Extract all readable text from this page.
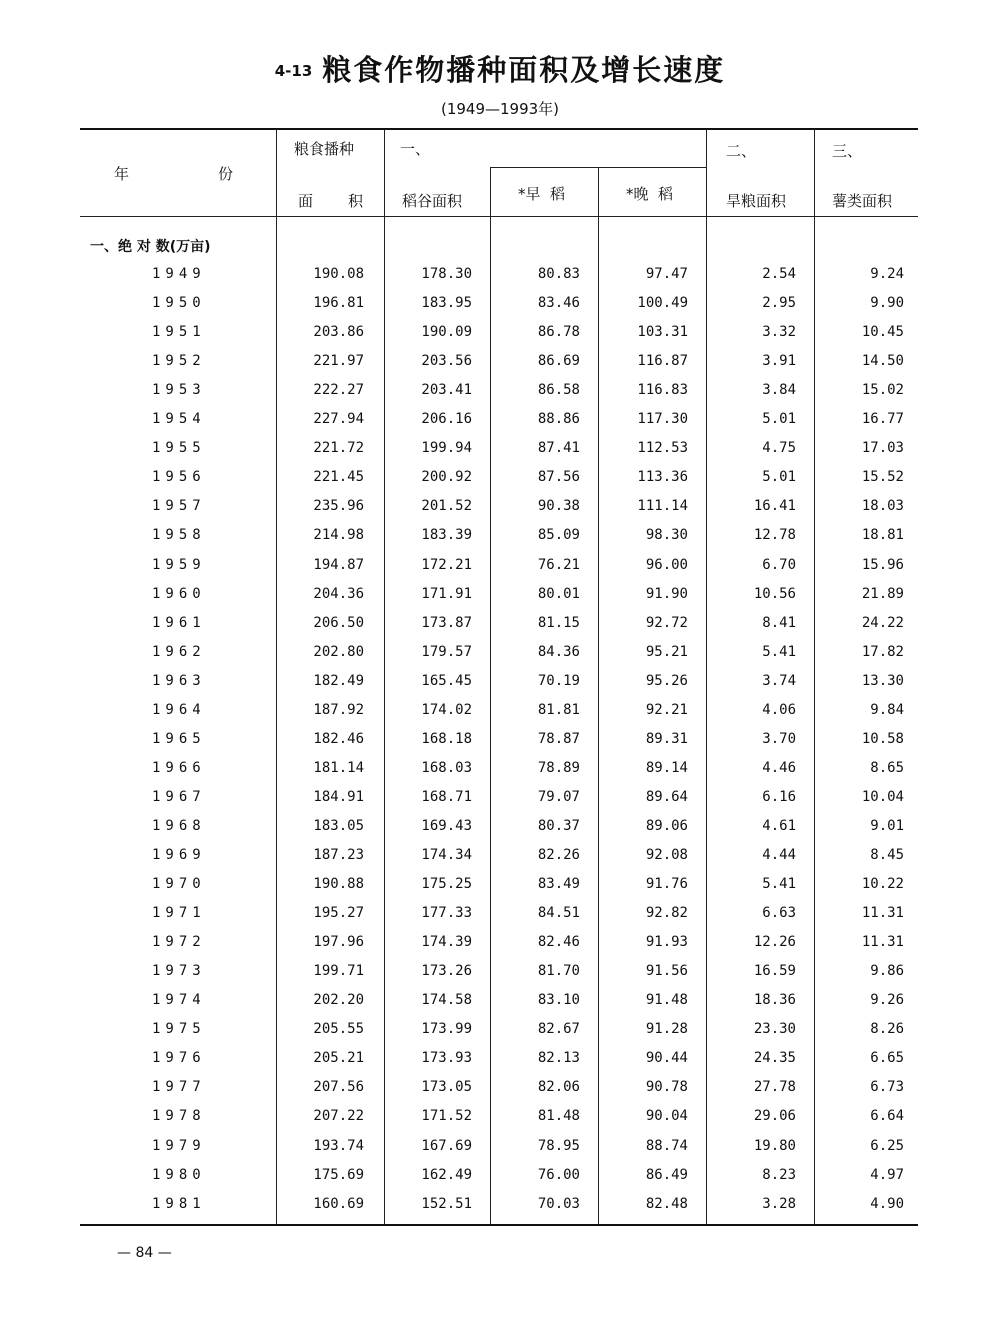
4-13 粮食作物播种面积及增长速度
(1949—1993年)
年	份
粮食播种
面 积
一、
稻谷面积	*早  稻	*晚  稻
二、
旱粮面积
三、
薯类面积
一、绝 对 数(万亩)
1949	190.08	178.30	80.83	97.47	2.54	9.24
1950	196.81	183.95	83.46	100.49	2.95	9.90
1951	203.86	190.09	86.78	103.31	3.32	10.45
1952	221.97	203.56	86.69	116.87	3.91	14.50
1953	222.27	203.41	86.58	116.83	3.84	15.02
1954	227.94	206.16	88.86	117.30	5.01	16.77
1955	221.72	199.94	87.41	112.53	4.75	17.03
1956	221.45	200.92	87.56	113.36	5.01	15.52
1957	235.96	201.52	90.38	111.14	16.41	18.03
1958	214.98	183.39	85.09	98.30	12.78	18.81
1959	194.87	172.21	76.21	96.00	6.70	15.96
1960	204.36	171.91	80.01	91.90	10.56	21.89
1961	206.50	173.87	81.15	92.72	8.41	24.22
1962	202.80	179.57	84.36	95.21	5.41	17.82
1963	182.49	165.45	70.19	95.26	3.74	13.30
1964	187.92	174.02	81.81	92.21	4.06	9.84
1965	182.46	168.18	78.87	89.31	3.70	10.58
1966	181.14	168.03	78.89	89.14	4.46	8.65
1967	184.91	168.71	79.07	89.64	6.16	10.04
1968	183.05	169.43	80.37	89.06	4.61	9.01
1969	187.23	174.34	82.26	92.08	4.44	8.45
1970	190.88	175.25	83.49	91.76	5.41	10.22
1971	195.27	177.33	84.51	92.82	6.63	11.31
1972	197.96	174.39	82.46	91.93	12.26	11.31
1973	199.71	173.26	81.70	91.56	16.59	9.86
1974	202.20	174.58	83.10	91.48	18.36	9.26
1975	205.55	173.99	82.67	91.28	23.30	8.26
1976	205.21	173.93	82.13	90.44	24.35	6.65
1977	207.56	173.05	82.06	90.78	27.78	6.73
1978	207.22	171.52	81.48	90.04	29.06	6.64
1979	193.74	167.69	78.95	88.74	19.80	6.25
1980	175.69	162.49	76.00	86.49	8.23	4.97
1981	160.69	152.51	70.03	82.48	3.28	4.90
— 84 —
